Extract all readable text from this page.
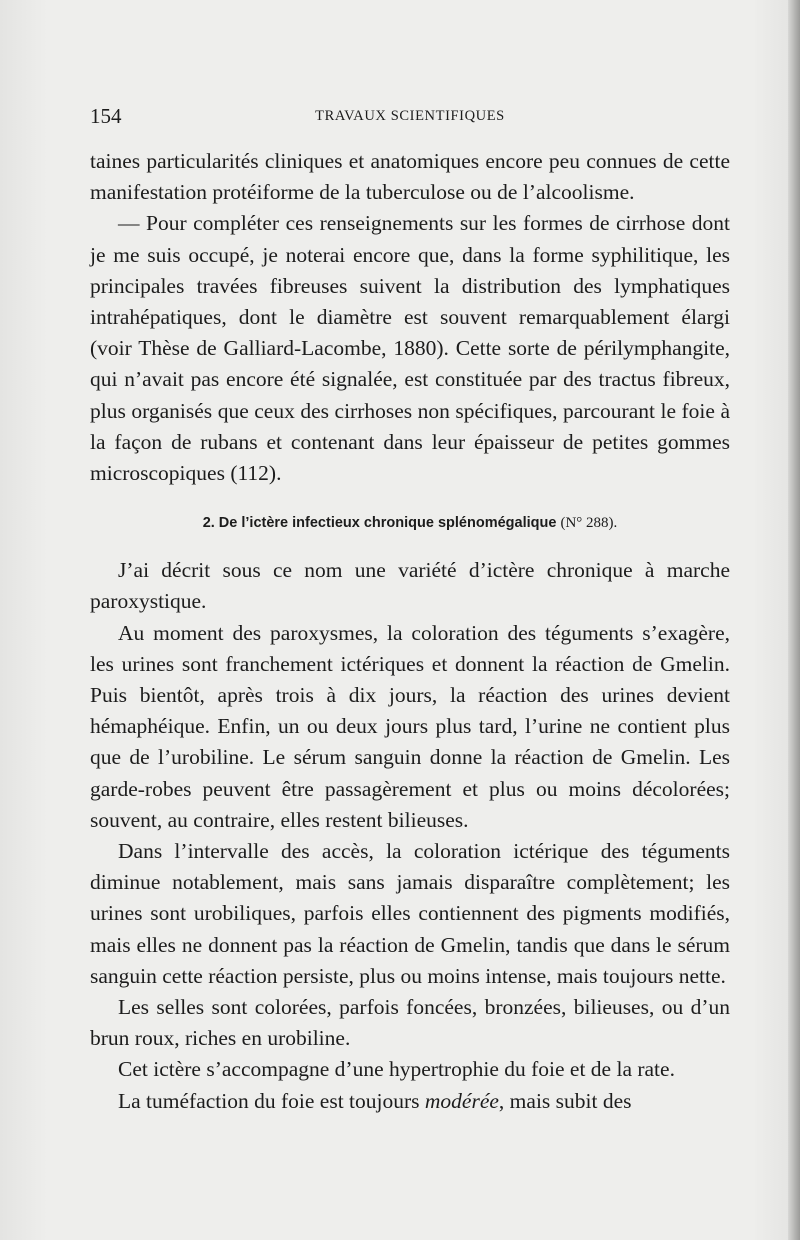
154	TRAVAUX SCIENTIFIQUES

taines particularités cliniques et anatomiques encore peu connues de cette manifestation protéiforme de la tuberculose ou de l’alcoolisme.

— Pour compléter ces renseignements sur les formes de cirrhose dont je me suis occupé, je noterai encore que, dans la forme syphilitique, les principales travées fibreuses suivent la distribution des lymphatiques intrahépatiques, dont le diamètre est souvent remarquablement élargi (voir Thèse de Galliard-Lacombe, 1880). Cette sorte de périlymphangite, qui n’avait pas encore été signalée, est constituée par des tractus fibreux, plus organisés que ceux des cirrhoses non spécifiques, parcourant le foie à la façon de rubans et contenant dans leur épaisseur de petites gommes microscopiques (112).

2. De l’ictère infectieux chronique splénomégalique (N° 288).

J’ai décrit sous ce nom une variété d’ictère chronique à marche paroxystique.

Au moment des paroxysmes, la coloration des téguments s’exagère, les urines sont franchement ictériques et donnent la réaction de Gmelin. Puis bientôt, après trois à dix jours, la réaction des urines devient hémaphéique. Enfin, un ou deux jours plus tard, l’urine ne contient plus que de l’urobiline. Le sérum sanguin donne la réaction de Gmelin. Les garde-robes peuvent être passagèrement et plus ou moins décolorées; souvent, au contraire, elles restent bilieuses.

Dans l’intervalle des accès, la coloration ictérique des téguments diminue notablement, mais sans jamais disparaître complètement; les urines sont urobiliques, parfois elles contiennent des pigments modifiés, mais elles ne donnent pas la réaction de Gmelin, tandis que dans le sérum sanguin cette réaction persiste, plus ou moins intense, mais toujours nette.

Les selles sont colorées, parfois foncées, bronzées, bilieuses, ou d’un brun roux, riches en urobiline.

Cet ictère s’accompagne d’une hypertrophie du foie et de la rate.

La tuméfaction du foie est toujours modérée, mais subit des
